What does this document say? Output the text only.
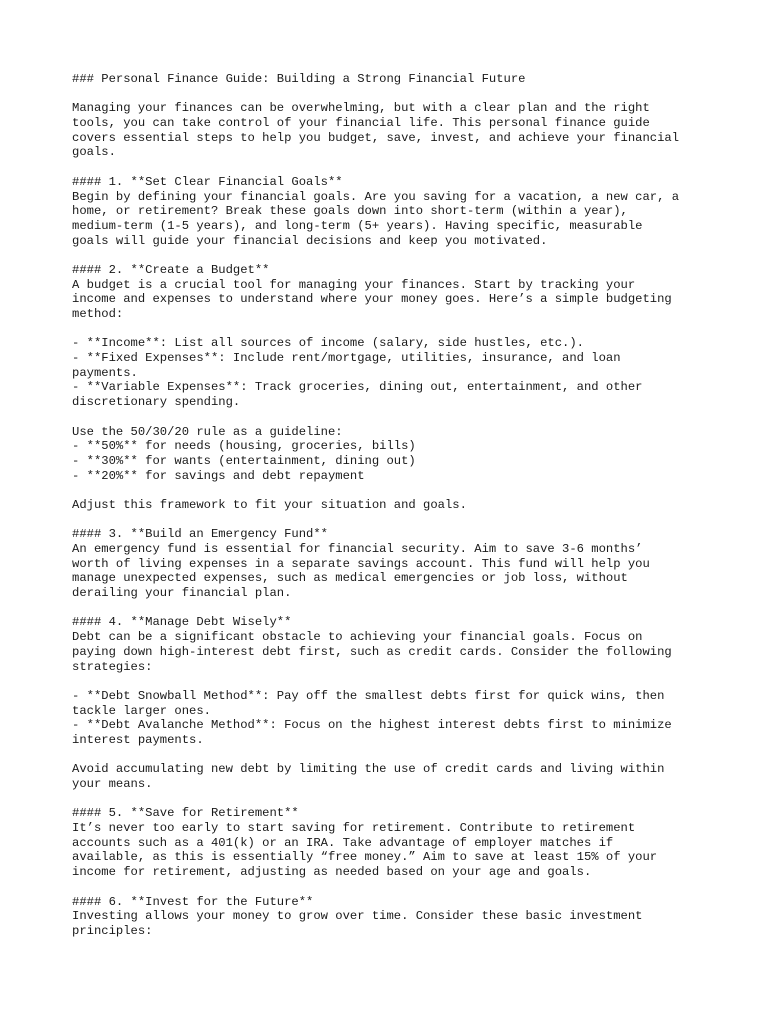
### Personal Finance Guide: Building a Strong Financial Future
Managing your finances can be overwhelming, but with a clear plan and the right
tools, you can take control of your financial life. This personal finance guide
covers essential steps to help you budget, save, invest, and achieve your financial
goals.
#### 1. **Set Clear Financial Goals**
Begin by defining your financial goals. Are you saving for a vacation, a new car, a
home, or retirement? Break these goals down into short-term (within a year),
medium-term (1-5 years), and long-term (5+ years). Having specific, measurable
goals will guide your financial decisions and keep you motivated.
#### 2. **Create a Budget**
A budget is a crucial tool for managing your finances. Start by tracking your
income and expenses to understand where your money goes. Here’s a simple budgeting
method:
- **Income**: List all sources of income (salary, side hustles, etc.).
- **Fixed Expenses**: Include rent/mortgage, utilities, insurance, and loan
payments.
- **Variable Expenses**: Track groceries, dining out, entertainment, and other
discretionary spending.
Use the 50/30/20 rule as a guideline:
- **50%** for needs (housing, groceries, bills)
- **30%** for wants (entertainment, dining out)
- **20%** for savings and debt repayment
Adjust this framework to fit your situation and goals.
#### 3. **Build an Emergency Fund**
An emergency fund is essential for financial security. Aim to save 3-6 months’
worth of living expenses in a separate savings account. This fund will help you
manage unexpected expenses, such as medical emergencies or job loss, without
derailing your financial plan.
#### 4. **Manage Debt Wisely**
Debt can be a significant obstacle to achieving your financial goals. Focus on
paying down high-interest debt first, such as credit cards. Consider the following
strategies:
- **Debt Snowball Method**: Pay off the smallest debts first for quick wins, then
tackle larger ones.
- **Debt Avalanche Method**: Focus on the highest interest debts first to minimize
interest payments.
Avoid accumulating new debt by limiting the use of credit cards and living within
your means.
#### 5. **Save for Retirement**
It’s never too early to start saving for retirement. Contribute to retirement
accounts such as a 401(k) or an IRA. Take advantage of employer matches if
available, as this is essentially “free money.” Aim to save at least 15% of your
income for retirement, adjusting as needed based on your age and goals.
#### 6. **Invest for the Future**
Investing allows your money to grow over time. Consider these basic investment
principles:
